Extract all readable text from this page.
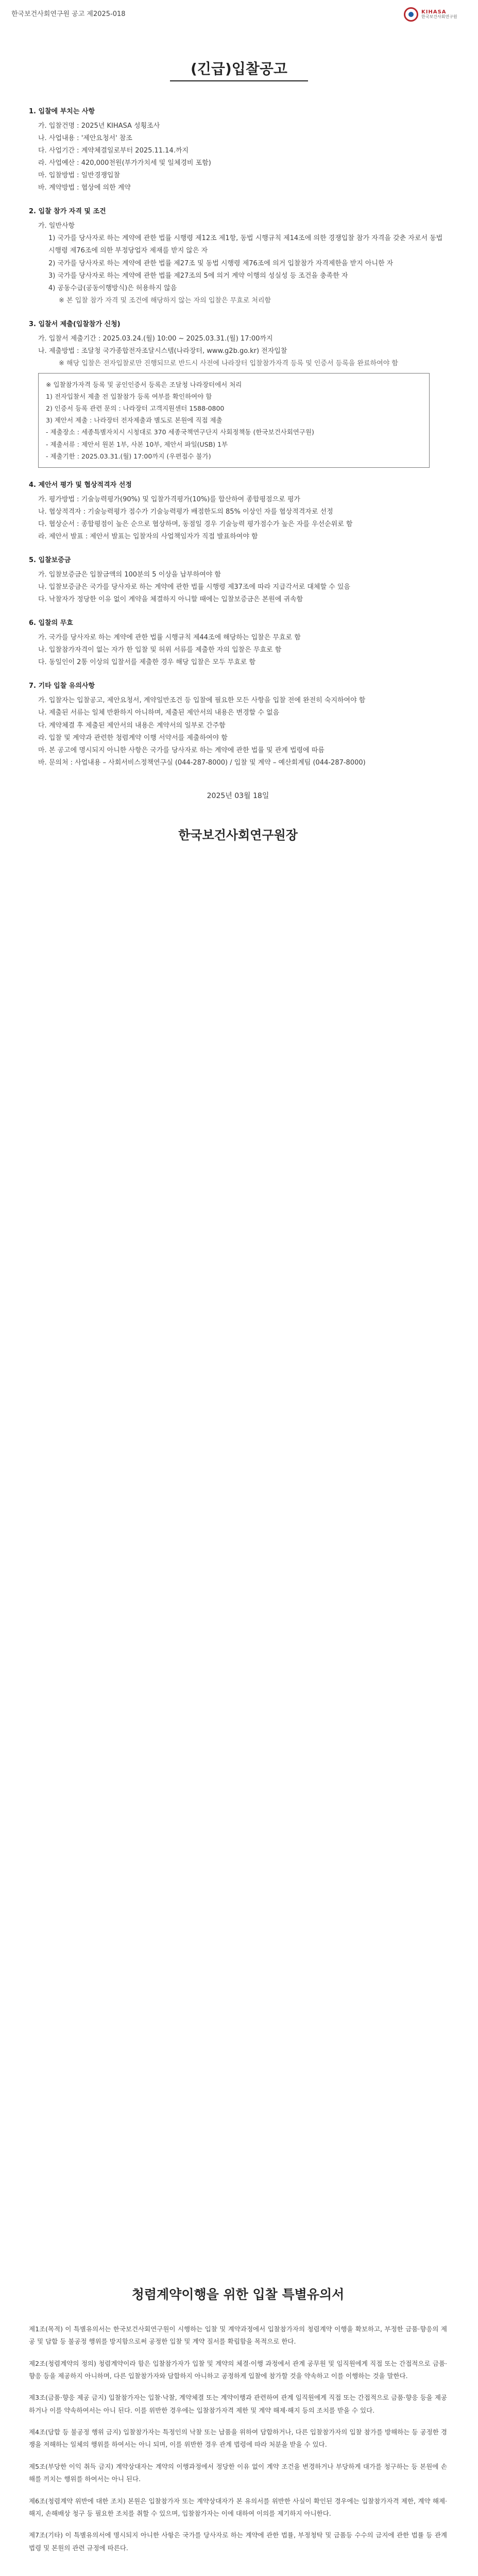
한국보건사회연구원 공고 제2025-018	KIHASA
한국보건사회연구원
(긴급)입찰공고
1. 입찰에 부치는 사항
가. 입찰건명 : 2025년 KIHASA 성횡조사
나. 사업내용 : '제안요청서' 참조
다. 사업기간 : 계약체결일로부터 2025.11.14.까지
라. 사업예산 : 420,000천원(부가가치세 및 일체경비 포함)
마. 입찰방법 : 일반경쟁입찰
바. 계약방법 : 협상에 의한 계약
2. 입찰 참가 자격 및 조건
가. 일반사항
1) 국가를 당사자로 하는 계약에 관한 법률 시행령 제12조 제1항, 동법 시행규칙 제14조에 의한 경쟁입찰 참가 자격을 갖춘 자로서 동법 시행령 제76조에 의한 부정당업자 제재를 받지 않은 자
2) 국가를 당사자로 하는 계약에 관한 법률 제27조 및 동법 시행령 제76조에 의거 입찰참가 자격제한을 받지 아니한 자
3) 국가를 당사자로 하는 계약에 관한 법률 제27조의 5에 의거 계약 이행의 성실성 등 조건을 충족한 자
4) 공동수급(공동이행방식)은 허용하지 않음
※ 본 입찰 참가 자격 및 조건에 해당하지 않는 자의 입찰은 무효로 처리함
3. 입찰서 제출(입찰참가 신청)
가. 입찰서 제출기간 : 2025.03.24.(월) 10:00 ~ 2025.03.31.(월) 17:00까지
나. 제출방법 : 조달청 국가종합전자조달시스템(나라장터, www.g2b.go.kr) 전자입찰
※ 해당 입찰은 전자입찰로만 진행되므로 반드시 사전에 나라장터 입찰참가자격 등록 및 인증서 등록을 완료하여야 함
※ 입찰참가자격 등록 및 공인인증서 등록은 조달청 나라장터에서 처리
1) 전자입찰서 제출 전 입찰참가 등록 여부를 확인하여야 함
2) 인증서 등록 관련 문의 : 나라장터 고객지원센터 1588-0800
3) 제안서 제출 : 나라장터 전자제출과 별도로 본원에 직접 제출
- 제출장소 : 세종특별자치시 시청대로 370 세종국책연구단지 사회정책동 (한국보건사회연구원)
- 제출서류 : 제안서 원본 1부, 사본 10부, 제안서 파일(USB) 1부
- 제출기한 : 2025.03.31.(월) 17:00까지 (우편접수 불가)
4. 제안서 평가 및 협상적격자 선정
가. 평가방법 : 기술능력평가(90%) 및 입찰가격평가(10%)를 합산하여 종합평점으로 평가
나. 협상적격자 : 기술능력평가 점수가 기술능력평가 배점한도의 85% 이상인 자를 협상적격자로 선정
다. 협상순서 : 종합평점이 높은 순으로 협상하며, 동점일 경우 기술능력 평가점수가 높은 자를 우선순위로 함
라. 제안서 발표 : 제안서 발표는 입찰자의 사업책임자가 직접 발표하여야 함
5. 입찰보증금
가. 입찰보증금은 입찰금액의 100분의 5 이상을 납부하여야 함
나. 입찰보증금은 국가를 당사자로 하는 계약에 관한 법률 시행령 제37조에 따라 지급각서로 대체할 수 있음
다. 낙찰자가 정당한 이유 없이 계약을 체결하지 아니할 때에는 입찰보증금은 본원에 귀속함
6. 입찰의 무효
가. 국가를 당사자로 하는 계약에 관한 법률 시행규칙 제44조에 해당하는 입찰은 무효로 함
나. 입찰참가자격이 없는 자가 한 입찰 및 허위 서류를 제출한 자의 입찰은 무효로 함
다. 동일인이 2통 이상의 입찰서를 제출한 경우 해당 입찰은 모두 무효로 함
7. 기타 입찰 유의사항
가. 입찰자는 입찰공고, 제안요청서, 계약일반조건 등 입찰에 필요한 모든 사항을 입찰 전에 완전히 숙지하여야 함
나. 제출된 서류는 일체 반환하지 아니하며, 제출된 제안서의 내용은 변경할 수 없음
다. 계약체결 후 제출된 제안서의 내용은 계약서의 일부로 간주함
라. 입찰 및 계약과 관련한 청렴계약 이행 서약서를 제출하여야 함
마. 본 공고에 명시되지 아니한 사항은 국가를 당사자로 하는 계약에 관한 법률 및 관계 법령에 따름
바. 문의처 : 사업내용 – 사회서비스정책연구실 (044-287-8000) / 입찰 및 계약 – 예산회계팀 (044-287-8000)
2025년 03월 18일
한국보건사회연구원장
청렴계약이행을 위한 입찰 특별유의서

제1조(목적) 이 특별유의서는 한국보건사회연구원이 시행하는 입찰 및 계약과정에서 입찰참가자의 청렴계약 이행을 확보하고, 부정한 금품·향응의 제공 및 담합 등 불공정 행위를 방지함으로써 공정한 입찰 및 계약 질서를 확립함을 목적으로 한다.

제2조(청렴계약의 정의) 청렴계약이라 함은 입찰참가자가 입찰 및 계약의 체결·이행 과정에서 관계 공무원 및 임직원에게 직접 또는 간접적으로 금품·향응 등을 제공하지 아니하며, 다른 입찰참가자와 담합하지 아니하고 공정하게 입찰에 참가할 것을 약속하고 이를 이행하는 것을 말한다.

제3조(금품·향응 제공 금지) 입찰참가자는 입찰·낙찰, 계약체결 또는 계약이행과 관련하여 관계 임직원에게 직접 또는 간접적으로 금품·향응 등을 제공하거나 이를 약속하여서는 아니 된다. 이를 위반한 경우에는 입찰참가자격 제한 및 계약 해제·해지 등의 조치를 받을 수 있다.

제4조(담합 등 불공정 행위 금지) 입찰참가자는 특정인의 낙찰 또는 납품을 위하여 담합하거나, 다른 입찰참가자의 입찰 참가를 방해하는 등 공정한 경쟁을 저해하는 일체의 행위를 하여서는 아니 되며, 이를 위반한 경우 관계 법령에 따라 처분을 받을 수 있다.

제5조(부당한 이익 취득 금지) 계약상대자는 계약의 이행과정에서 정당한 이유 없이 계약 조건을 변경하거나 부당하게 대가를 청구하는 등 본원에 손해를 끼치는 행위를 하여서는 아니 된다.

제6조(청렴계약 위반에 대한 조치) 본원은 입찰참가자 또는 계약상대자가 본 유의서를 위반한 사실이 확인된 경우에는 입찰참가자격 제한, 계약 해제·해지, 손해배상 청구 등 필요한 조치를 취할 수 있으며, 입찰참가자는 이에 대하여 이의를 제기하지 아니한다.

제7조(기타) 이 특별유의서에 명시되지 아니한 사항은 국가를 당사자로 하는 계약에 관한 법률, 부정청탁 및 금품등 수수의 금지에 관한 법률 등 관계 법령 및 본원의 관련 규정에 따른다.
